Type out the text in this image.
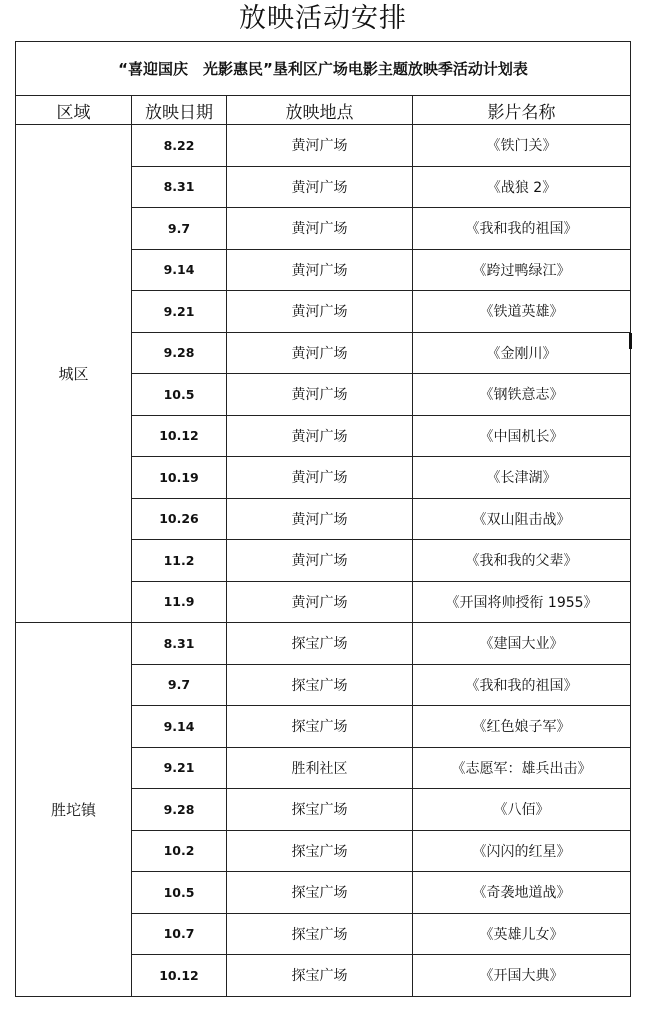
放映活动安排
“喜迎国庆　光影惠民”垦利区广场电影主题放映季活动计划表			
区域	放映日期	放映地点	影片名称
城区	8.22	黄河广场	《铁门关》
	8.31	黄河广场	《战狼 2》
	9.7	黄河广场	《我和我的祖国》
	9.14	黄河广场	《跨过鸭绿江》
	9.21	黄河广场	《铁道英雄》
	9.28	黄河广场	《金刚川》
	10.5	黄河广场	《钢铁意志》
	10.12	黄河广场	《中国机长》
	10.19	黄河广场	《长津湖》
	10.26	黄河广场	《双山阻击战》
	11.2	黄河广场	《我和我的父辈》
	11.9	黄河广场	《开国将帅授衔 1955》
胜坨镇	8.31	探宝广场	《建国大业》
	9.7	探宝广场	《我和我的祖国》
	9.14	探宝广场	《红色娘子军》
	9.21	胜利社区	《志愿军：雄兵出击》
	9.28	探宝广场	《八佰》
	10.2	探宝广场	《闪闪的红星》
	10.5	探宝广场	《奇袭地道战》
	10.7	探宝广场	《英雄儿女》
	10.12	探宝广场	《开国大典》
